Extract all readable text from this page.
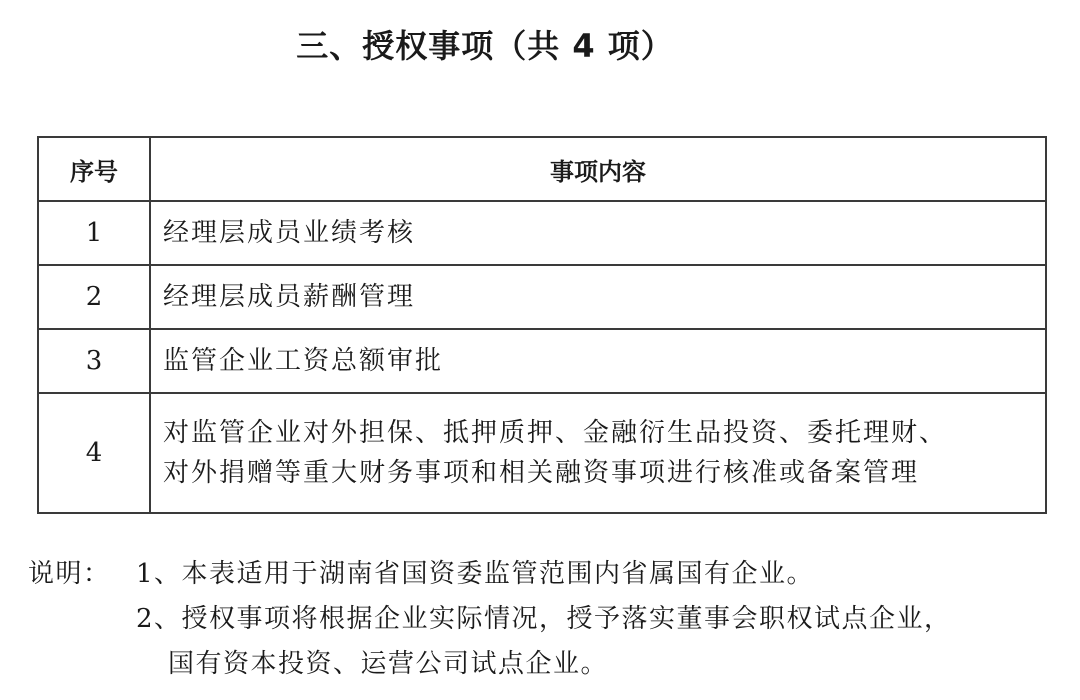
三、授权事项（共 4 项）
序号	事项内容
1	经理层成员业绩考核
2	经理层成员薪酬管理
3	监管企业工资总额审批
4	对监管企业对外担保、抵押质押、金融衍生品投资、委托理财、
对外捐赠等重大财务事项和相关融资事项进行核准或备案管理
说明： 1、本表适用于湖南省国资委监管范围内省属国有企业。
2、授权事项将根据企业实际情况，授予落实董事会职权试点企业，
国有资本投资、运营公司试点企业。
